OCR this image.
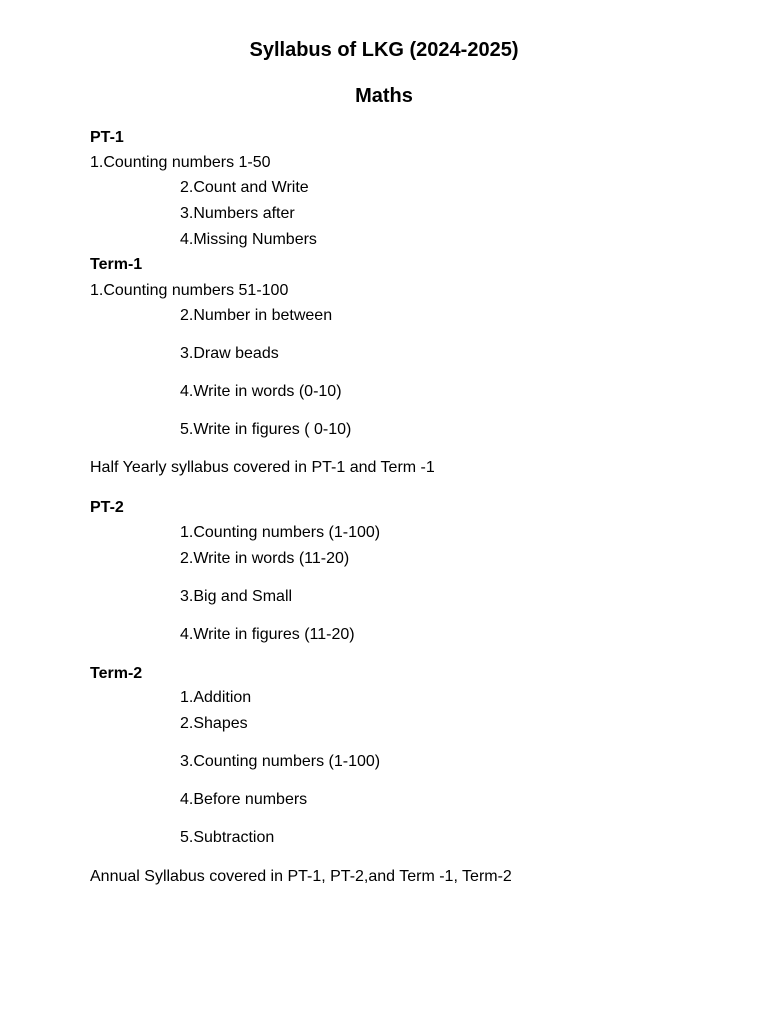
Syllabus of LKG (2024-2025)
Maths
PT-1
1.Counting numbers 1-50
2.Count and Write
3.Numbers after
4.Missing Numbers
Term-1
1.Counting numbers 51-100
2.Number in between
3.Draw beads
4.Write in words (0-10)
5.Write in figures ( 0-10)
Half Yearly syllabus covered in PT-1 and Term -1
PT-2
1.Counting numbers (1-100)
2.Write in words (11-20)
3.Big and Small
4.Write in figures (11-20)
Term-2
1.Addition
2.Shapes
3.Counting numbers (1-100)
4.Before numbers
5.Subtraction
Annual Syllabus covered in PT-1, PT-2,and Term -1, Term-2
